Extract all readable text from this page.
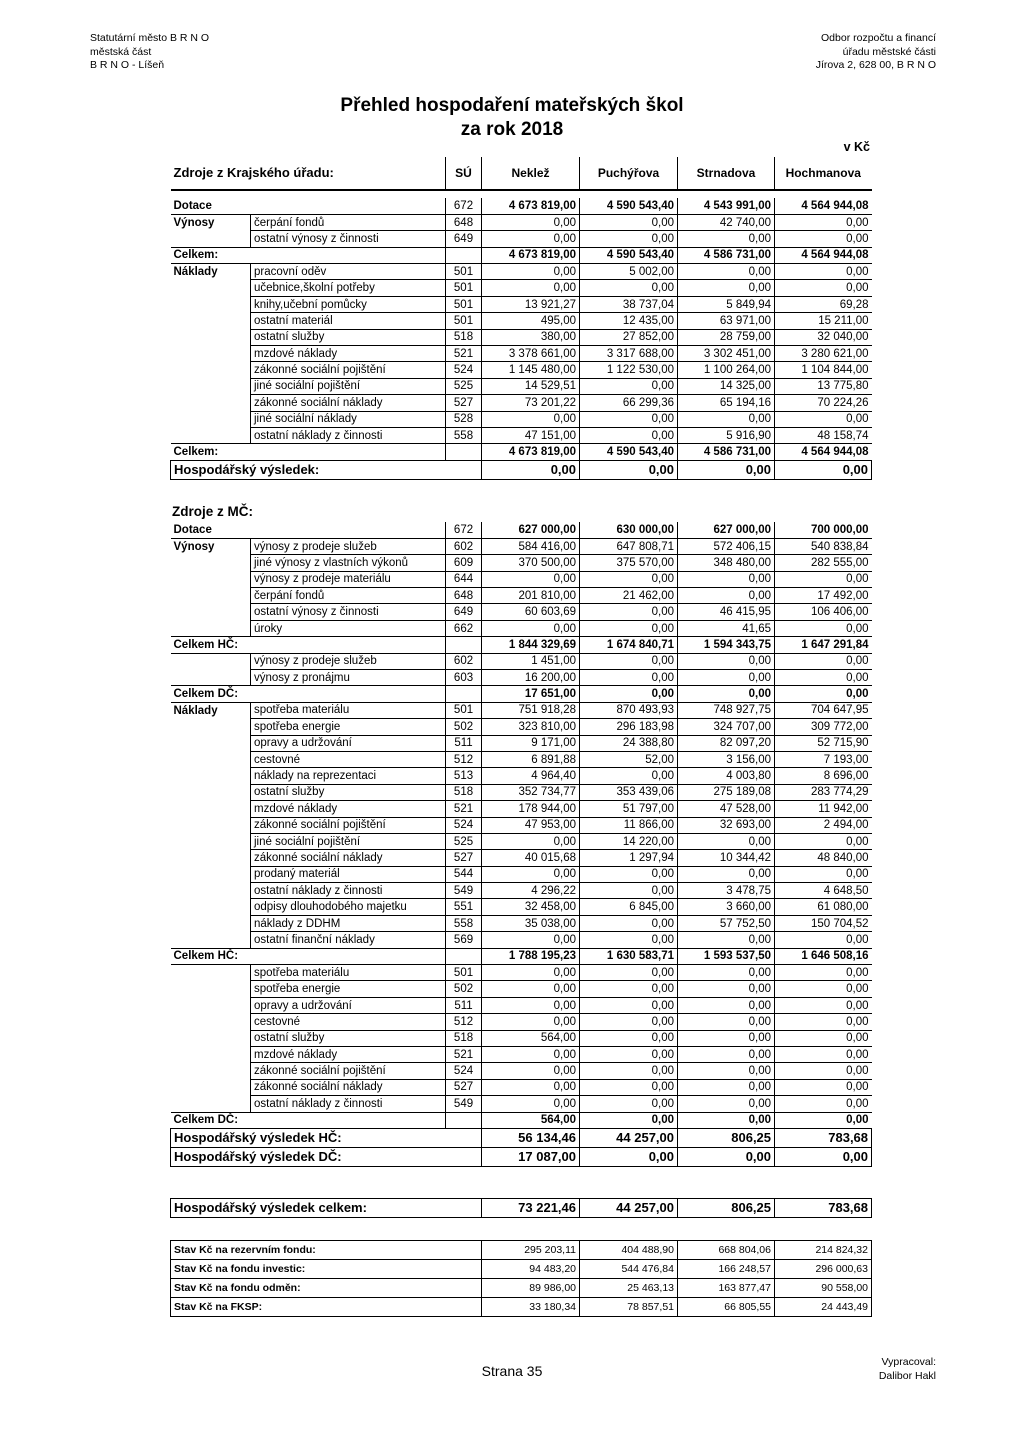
Statutární město B R N O
městská část
B R N O - Líšeň
Odbor rozpočtu a financí
úřadu městské části
Jírova 2, 628 00, B R N O
Přehled hospodaření mateřských škol
za rok 2018
v Kč
Zdroje z Krajského úřadu:		SÚ	Neklež	Puchýřova	Strnadova	Hochmanova

Dotace		672	4 673 819,00	4 590 543,40	4 543 991,00	4 564 944,08
Výnosy	čerpání fondů	648	0,00	0,00	42 740,00	0,00
	ostatní výnosy z činnosti	649	0,00	0,00	0,00	0,00
Celkem:			4 673 819,00	4 590 543,40	4 586 731,00	4 564 944,08
Náklady	pracovní oděv	501	0,00	5 002,00	0,00	0,00
	učebnice,školní potřeby	501	0,00	0,00	0,00	0,00
	knihy,učební pomůcky	501	13 921,27	38 737,04	5 849,94	69,28
	ostatní materiál	501	495,00	12 435,00	63 971,00	15 211,00
	ostatní služby	518	380,00	27 852,00	28 759,00	32 040,00
	mzdové náklady	521	3 378 661,00	3 317 688,00	3 302 451,00	3 280 621,00
	zákonné sociální pojištění	524	1 145 480,00	1 122 530,00	1 100 264,00	1 104 844,00
	jiné sociální pojištění	525	14 529,51	0,00	14 325,00	13 775,80
	zákonné sociální náklady	527	73 201,22	66 299,36	65 194,16	70 224,26
	jiné sociální náklady	528	0,00	0,00	0,00	0,00
	ostatní náklady z činnosti	558	47 151,00	0,00	5 916,90	48 158,74
Celkem:			4 673 819,00	4 590 543,40	4 586 731,00	4 564 944,08
Hospodářský výsledek:			0,00	0,00	0,00	0,00
Zdroje z MČ:
Dotace		672	627 000,00	630 000,00	627 000,00	700 000,00
Výnosy	výnosy z prodeje služeb	602	584 416,00	647 808,71	572 406,15	540 838,84
	jiné výnosy z vlastních výkonů	609	370 500,00	375 570,00	348 480,00	282 555,00
	výnosy z prodeje materiálu	644	0,00	0,00	0,00	0,00
	čerpání fondů	648	201 810,00	21 462,00	0,00	17 492,00
	ostatní výnosy z činnosti	649	60 603,69	0,00	46 415,95	106 406,00
	úroky	662	0,00	0,00	41,65	0,00
Celkem HČ:			1 844 329,69	1 674 840,71	1 594 343,75	1 647 291,84
	výnosy z prodeje služeb	602	1 451,00	0,00	0,00	0,00
	výnosy z pronájmu	603	16 200,00	0,00	0,00	0,00
Celkem DČ:			17 651,00	0,00	0,00	0,00
Náklady	spotřeba materiálu	501	751 918,28	870 493,93	748 927,75	704 647,95
	spotřeba energie	502	323 810,00	296 183,98	324 707,00	309 772,00
	opravy a udržování	511	9 171,00	24 388,80	82 097,20	52 715,90
	cestovné	512	6 891,88	52,00	3 156,00	7 193,00
	náklady na reprezentaci	513	4 964,40	0,00	4 003,80	8 696,00
	ostatní služby	518	352 734,77	353 439,06	275 189,08	283 774,29
	mzdové náklady	521	178 944,00	51 797,00	47 528,00	11 942,00
	zákonné sociální pojištění	524	47 953,00	11 866,00	32 693,00	2 494,00
	jiné sociální pojištění	525	0,00	14 220,00	0,00	0,00
	zákonné sociální náklady	527	40 015,68	1 297,94	10 344,42	48 840,00
	prodaný materiál	544	0,00	0,00	0,00	0,00
	ostatní náklady z činnosti	549	4 296,22	0,00	3 478,75	4 648,50
	odpisy dlouhodobého majetku	551	32 458,00	6 845,00	3 660,00	61 080,00
	náklady z DDHM	558	35 038,00	0,00	57 752,50	150 704,52
	ostatní finanční náklady	569	0,00	0,00	0,00	0,00
Celkem HČ:			1 788 195,23	1 630 583,71	1 593 537,50	1 646 508,16
	spotřeba materiálu	501	0,00	0,00	0,00	0,00
	spotřeba energie	502	0,00	0,00	0,00	0,00
	opravy a udržování	511	0,00	0,00	0,00	0,00
	cestovné	512	0,00	0,00	0,00	0,00
	ostatní služby	518	564,00	0,00	0,00	0,00
	mzdové náklady	521	0,00	0,00	0,00	0,00
	zákonné sociální pojištění	524	0,00	0,00	0,00	0,00
	zákonné sociální náklady	527	0,00	0,00	0,00	0,00
	ostatní náklady z činnosti	549	0,00	0,00	0,00	0,00
Celkem DČ:			564,00	0,00	0,00	0,00
Hospodářský výsledek HČ:			56 134,46	44 257,00	806,25	783,68
Hospodářský výsledek DČ:			17 087,00	0,00	0,00	0,00
Hospodářský výsledek celkem:	73 221,46	44 257,00	806,25	783,68
Stav Kč na rezervním fondu:	295 203,11	404 488,90	668 804,06	214 824,32
Stav Kč na fondu investic:	94 483,20	544 476,84	166 248,57	296 000,63
Stav Kč na fondu odměn:	89 986,00	25 463,13	163 877,47	90 558,00
Stav Kč na FKSP:	33 180,34	78 857,51	66 805,55	24 443,49
Strana 35
Vypracoval:
Dalibor Hakl
